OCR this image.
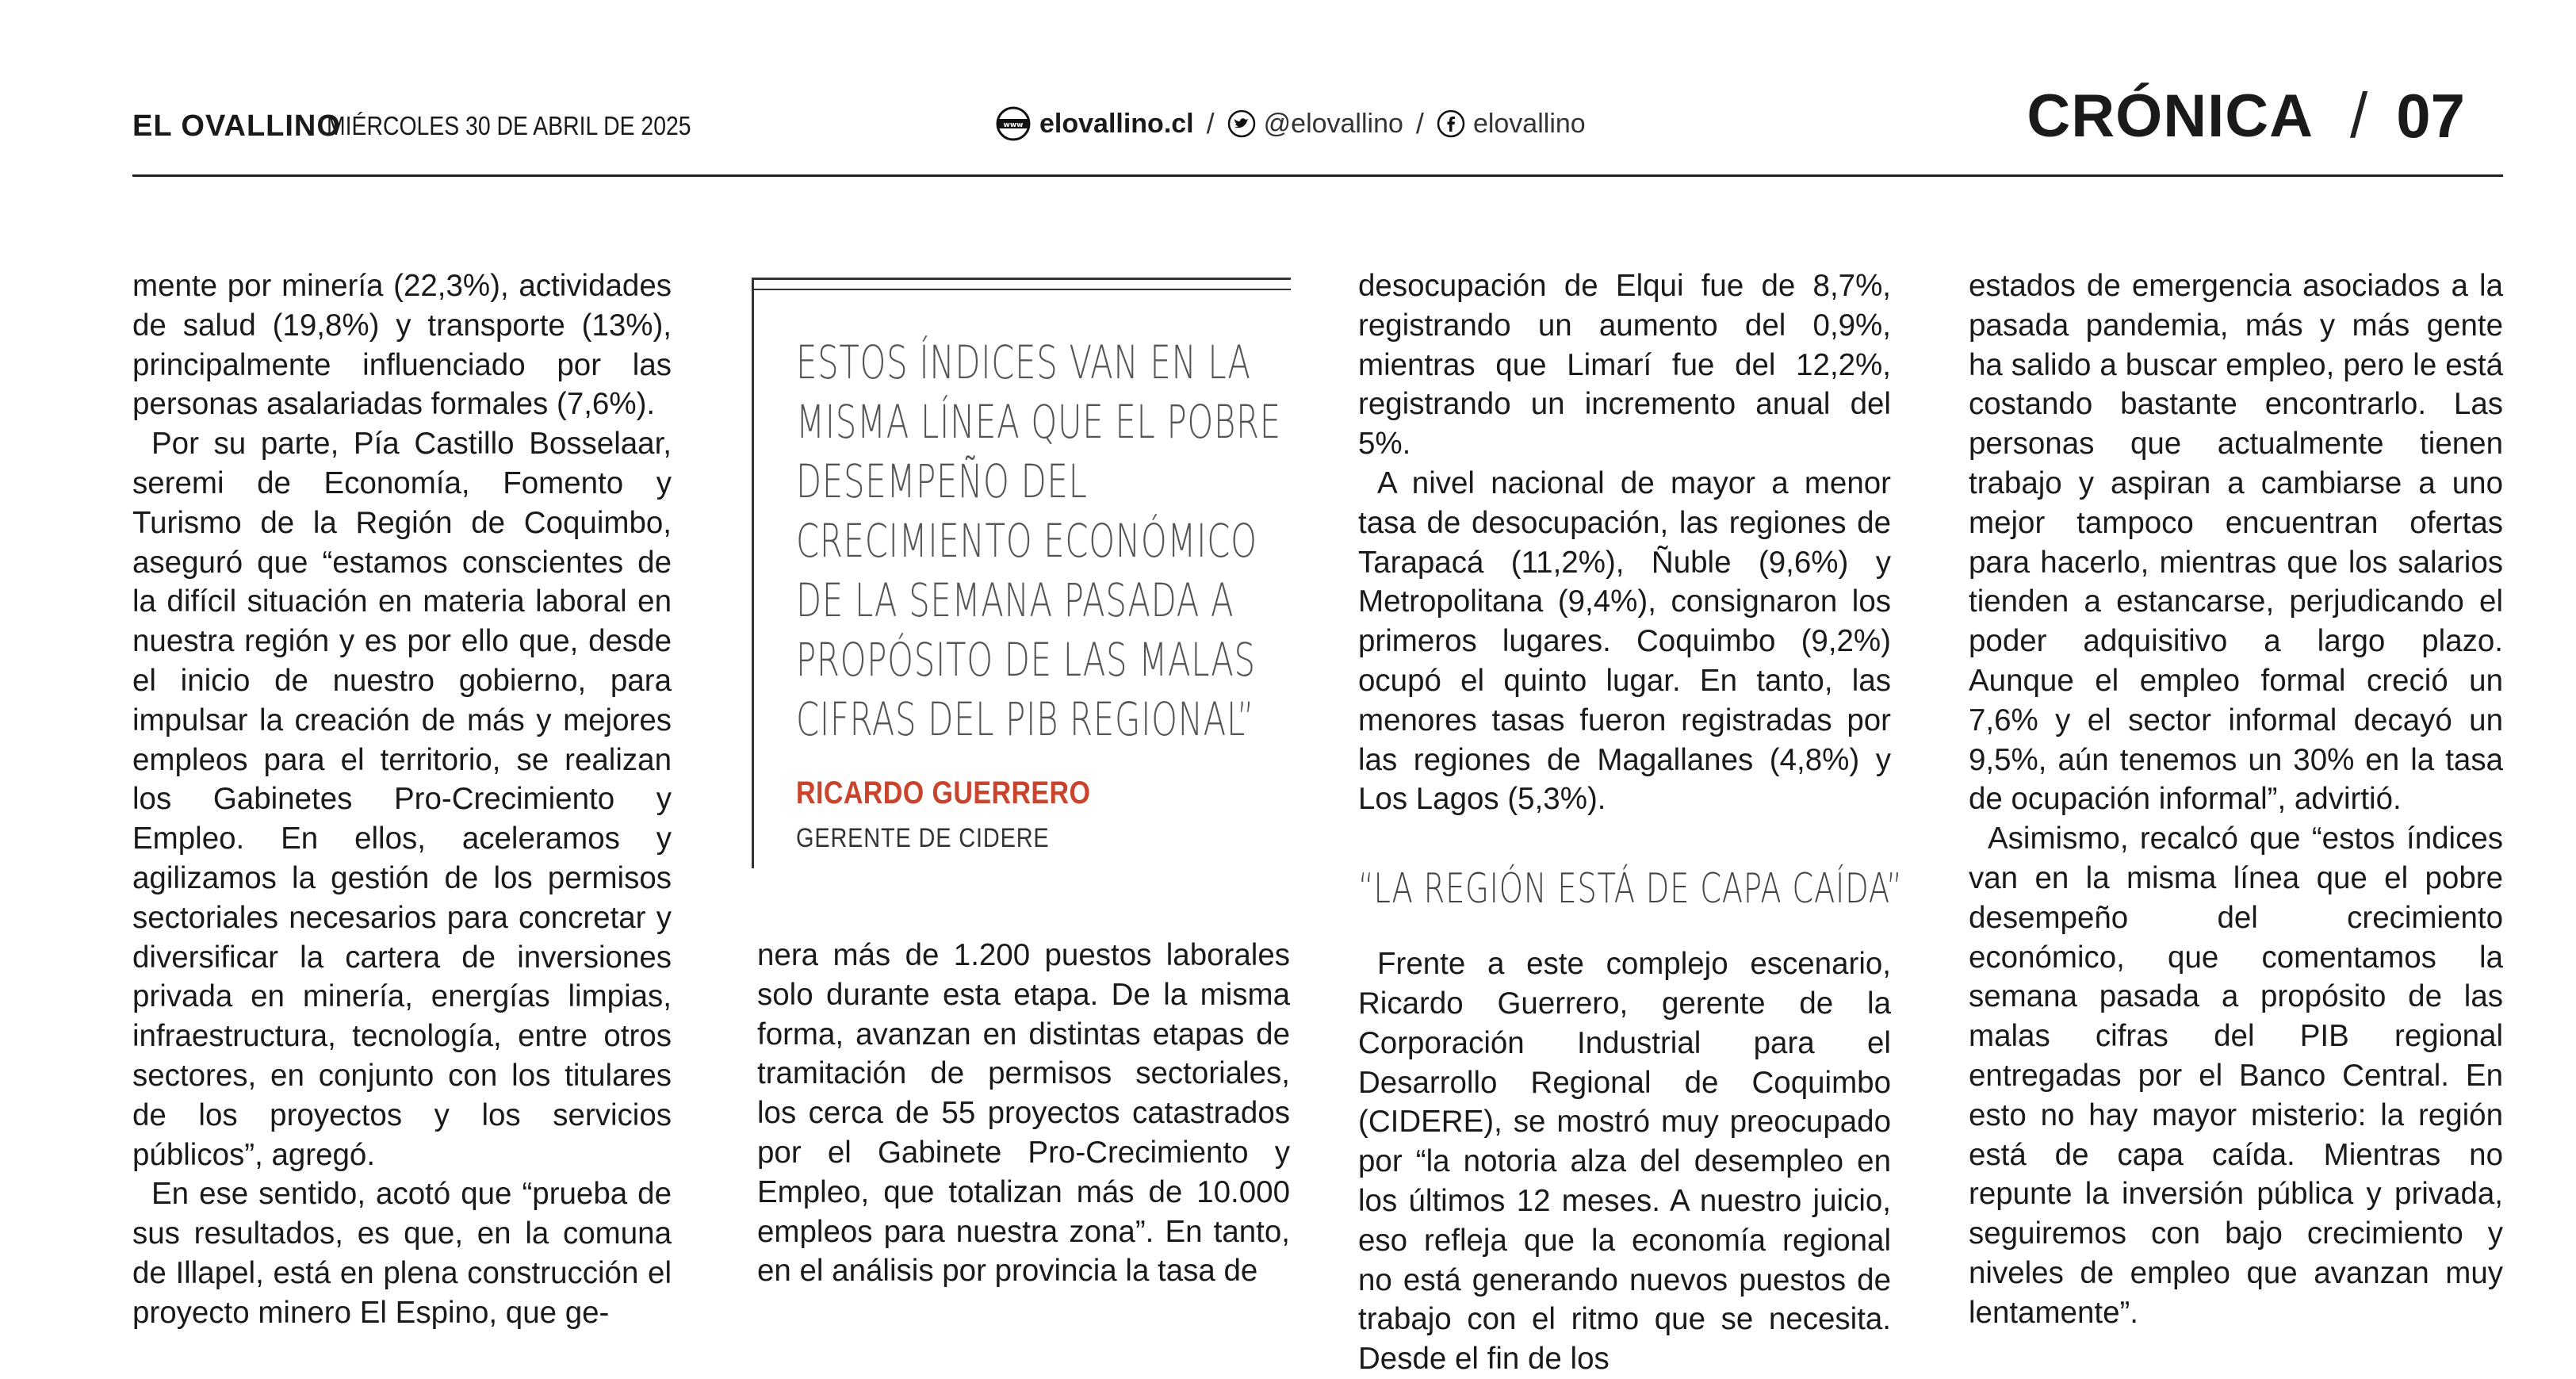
EL OVALLINO
MIÉRCOLES 30 DE ABRIL DE 2025	www elovallino.cl / @elovallino / elovallino	CRÓNICA / 07

mente por minería (22,3%), actividades de salud (19,8%) y transporte (13%), principalmente influenciado por las personas asalariadas formales (7,6%).

Por su parte, Pía Castillo Bosselaar, seremi de Economía, Fomento y Turismo de la Región de Coquimbo, aseguró que “estamos conscientes de la difícil situación en materia laboral en nuestra región y es por ello que, desde el inicio de nuestro gobierno, para impulsar la creación de más y mejores empleos para el territorio, se realizan los Gabinetes Pro-Crecimiento y Empleo. En ellos, aceleramos y agilizamos la gestión de los permisos sectoriales necesarios para concretar y diversificar la cartera de inversiones privada en minería, energías limpias, infraestructura, tecnología, entre otros sectores, en conjunto con los titulares de los proyectos y los servicios públicos”, agregó.

En ese sentido, acotó que “prueba de sus resultados, es que, en la comuna de Illapel, está en plena construcción el proyecto minero El Espino, que ge-

ESTOS ÍNDICES VAN EN LA MISMA LÍNEA QUE EL POBRE DESEMPEÑO DEL CRECIMIENTO ECONÓMICO DE LA SEMANA PASADA A PROPÓSITO DE LAS MALAS CIFRAS DEL PIB REGIONAL”
RICARDO GUERRERO
GERENTE DE CIDERE

nera más de 1.200 puestos laborales solo durante esta etapa. De la misma forma, avanzan en distintas etapas de tramitación de permisos sectoriales, los cerca de 55 proyectos catastrados por el Gabinete Pro-Crecimiento y Empleo, que totalizan más de 10.000 empleos para nuestra zona”. En tanto, en el análisis por provincia la tasa de

desocupación de Elqui fue de 8,7%, registrando un aumento del 0,9%, mientras que Limarí fue del 12,2%, registrando un incremento anual del 5%.

A nivel nacional de mayor a menor tasa de desocupación, las regiones de Tarapacá (11,2%), Ñuble (9,6%) y Metropolitana (9,4%), consignaron los primeros lugares. Coquimbo (9,2%) ocupó el quinto lugar. En tanto, las menores tasas fueron registradas por las regiones de Magallanes (4,8%) y Los Lagos (5,3%).

“LA REGIÓN ESTÁ DE CAPA CAÍDA”

Frente a este complejo escenario, Ricardo Guerrero, gerente de la Corporación Industrial para el Desarrollo Regional de Coquimbo (CIDERE), se mostró muy preocupado por “la notoria alza del desempleo en los últimos 12 meses. A nuestro juicio, eso refleja que la economía regional no está generando nuevos puestos de trabajo con el ritmo que se necesita. Desde el fin de los

estados de emergencia asociados a la pasada pandemia, más y más gente ha salido a buscar empleo, pero le está costando bastante encontrarlo. Las personas que actualmente tienen trabajo y aspiran a cambiarse a uno mejor tampoco encuentran ofertas para hacerlo, mientras que los salarios tienden a estancarse, perjudicando el poder adquisitivo a largo plazo. Aunque el empleo formal creció un 7,6% y el sector informal decayó un 9,5%, aún tenemos un 30% en la tasa de ocupación informal”, advirtió.

Asimismo, recalcó que “estos índices van en la misma línea que el pobre desempeño del crecimiento económico, que comentamos la semana pasada a propósito de las malas cifras del PIB regional entregadas por el Banco Central. En esto no hay mayor misterio: la región está de capa caída. Mientras no repunte la inversión pública y privada, seguiremos con bajo crecimiento y niveles de empleo que avanzan muy lentamente”.
